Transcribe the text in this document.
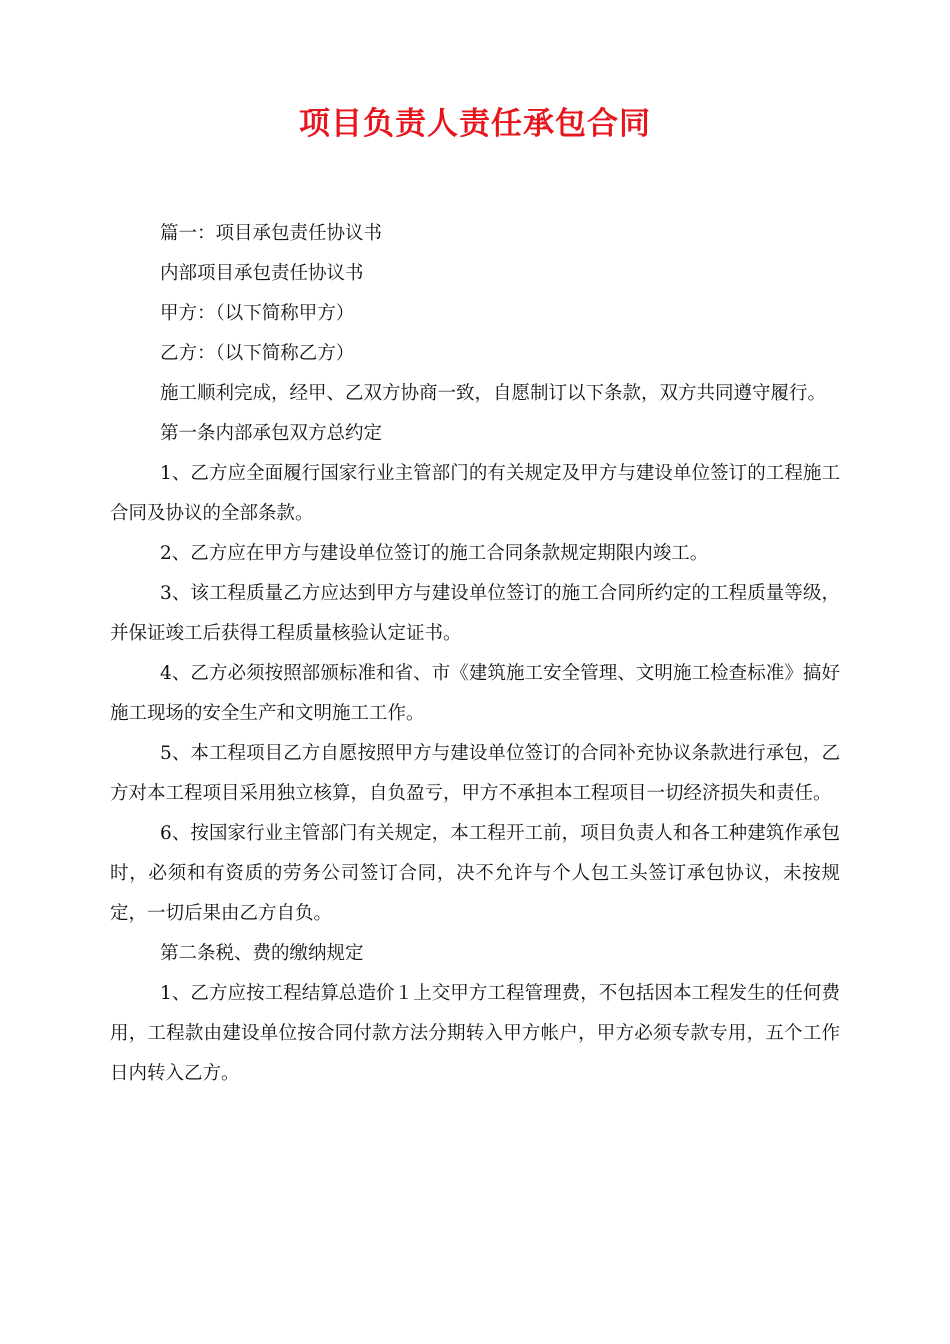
项目负责人责任承包合同

篇一：项目承包责任协议书

内部项目承包责任协议书

甲方：（以下简称甲方）

乙方：（以下简称乙方）

施工顺利完成，经甲、乙双方协商一致，自愿制订以下条款，双方共同遵守履行。

第一条内部承包双方总约定

1、乙方应全面履行国家行业主管部门的有关规定及甲方与建设单位签订的工程施工合同及协议的全部条款。

2、乙方应在甲方与建设单位签订的施工合同条款规定期限内竣工。

3、该工程质量乙方应达到甲方与建设单位签订的施工合同所约定的工程质量等级，并保证竣工后获得工程质量核验认定证书。

4、乙方必须按照部颁标准和省、市《建筑施工安全管理、文明施工检查标准》搞好施工现场的安全生产和文明施工工作。

5、本工程项目乙方自愿按照甲方与建设单位签订的合同补充协议条款进行承包，乙方对本工程项目采用独立核算，自负盈亏，甲方不承担本工程项目一切经济损失和责任。

6、按国家行业主管部门有关规定，本工程开工前，项目负责人和各工种建筑作承包时，必须和有资质的劳务公司签订合同，决不允许与个人包工头签订承包协议，未按规定，一切后果由乙方自负。

第二条税、费的缴纳规定

1、乙方应按工程结算总造价１上交甲方工程管理费，不包括因本工程发生的任何费用，工程款由建设单位按合同付款方法分期转入甲方帐户，甲方必须专款专用，五个工作日内转入乙方。
